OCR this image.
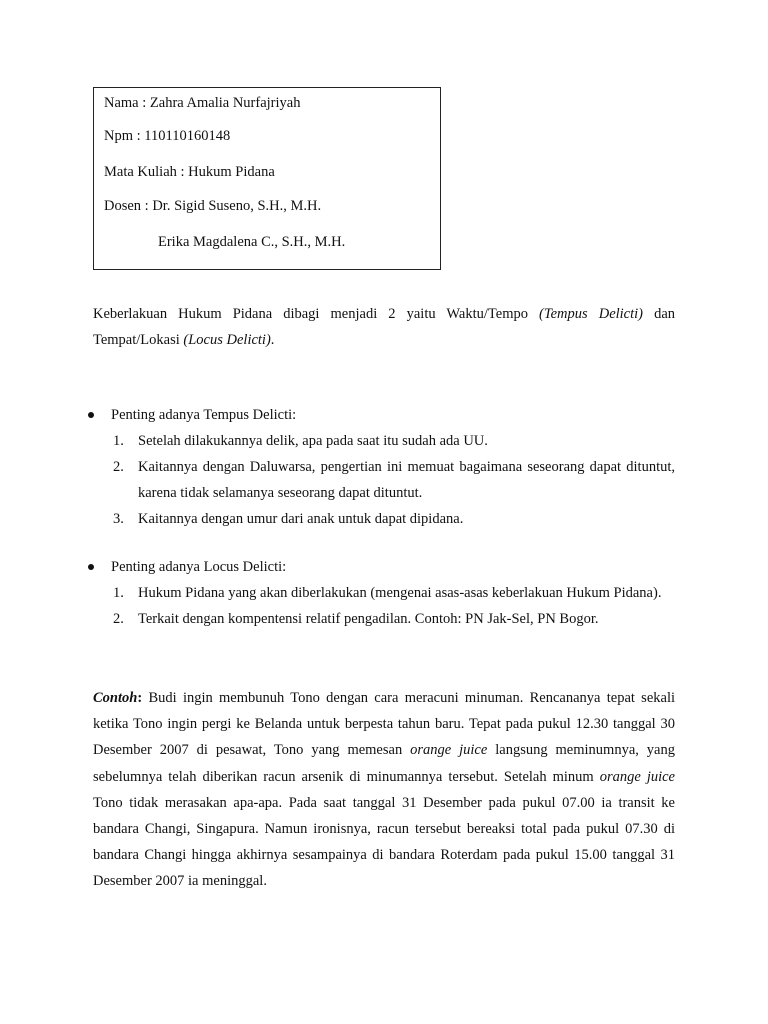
Nama : Zahra Amalia Nurfajriyah
Npm : 110110160148
Mata Kuliah : Hukum Pidana
Dosen : Dr. Sigid Suseno, S.H., M.H.
Erika Magdalena C., S.H., M.H.

Keberlakuan Hukum Pidana dibagi menjadi 2 yaitu Waktu/Tempo (Tempus Delicti) dan Tempat/Lokasi (Locus Delicti).

Penting adanya Tempus Delicti:
1. Setelah dilakukannya delik, apa pada saat itu sudah ada UU.
2. Kaitannya dengan Daluwarsa, pengertian ini memuat bagaimana seseorang dapat dituntut, karena tidak selamanya seseorang dapat dituntut.
3. Kaitannya dengan umur dari anak untuk dapat dipidana.
Penting adanya Locus Delicti:
1. Hukum Pidana yang akan diberlakukan (mengenai asas-asas keberlakuan Hukum Pidana).
2. Terkait dengan kompentensi relatif pengadilan. Contoh: PN Jak-Sel, PN Bogor.

Contoh: Budi ingin membunuh Tono dengan cara meracuni minuman. Rencananya tepat sekali ketika Tono ingin pergi ke Belanda untuk berpesta tahun baru. Tepat pada pukul 12.30 tanggal 30 Desember 2007 di pesawat, Tono yang memesan orange juice langsung meminumnya, yang sebelumnya telah diberikan racun arsenik di minumannya tersebut. Setelah minum orange juice Tono tidak merasakan apa-apa. Pada saat tanggal 31 Desember pada pukul 07.00 ia transit ke bandara Changi, Singapura. Namun ironisnya, racun tersebut bereaksi total pada pukul 07.30 di bandara Changi hingga akhirnya sesampainya di bandara Roterdam pada pukul 15.00 tanggal 31 Desember 2007 ia meninggal.
